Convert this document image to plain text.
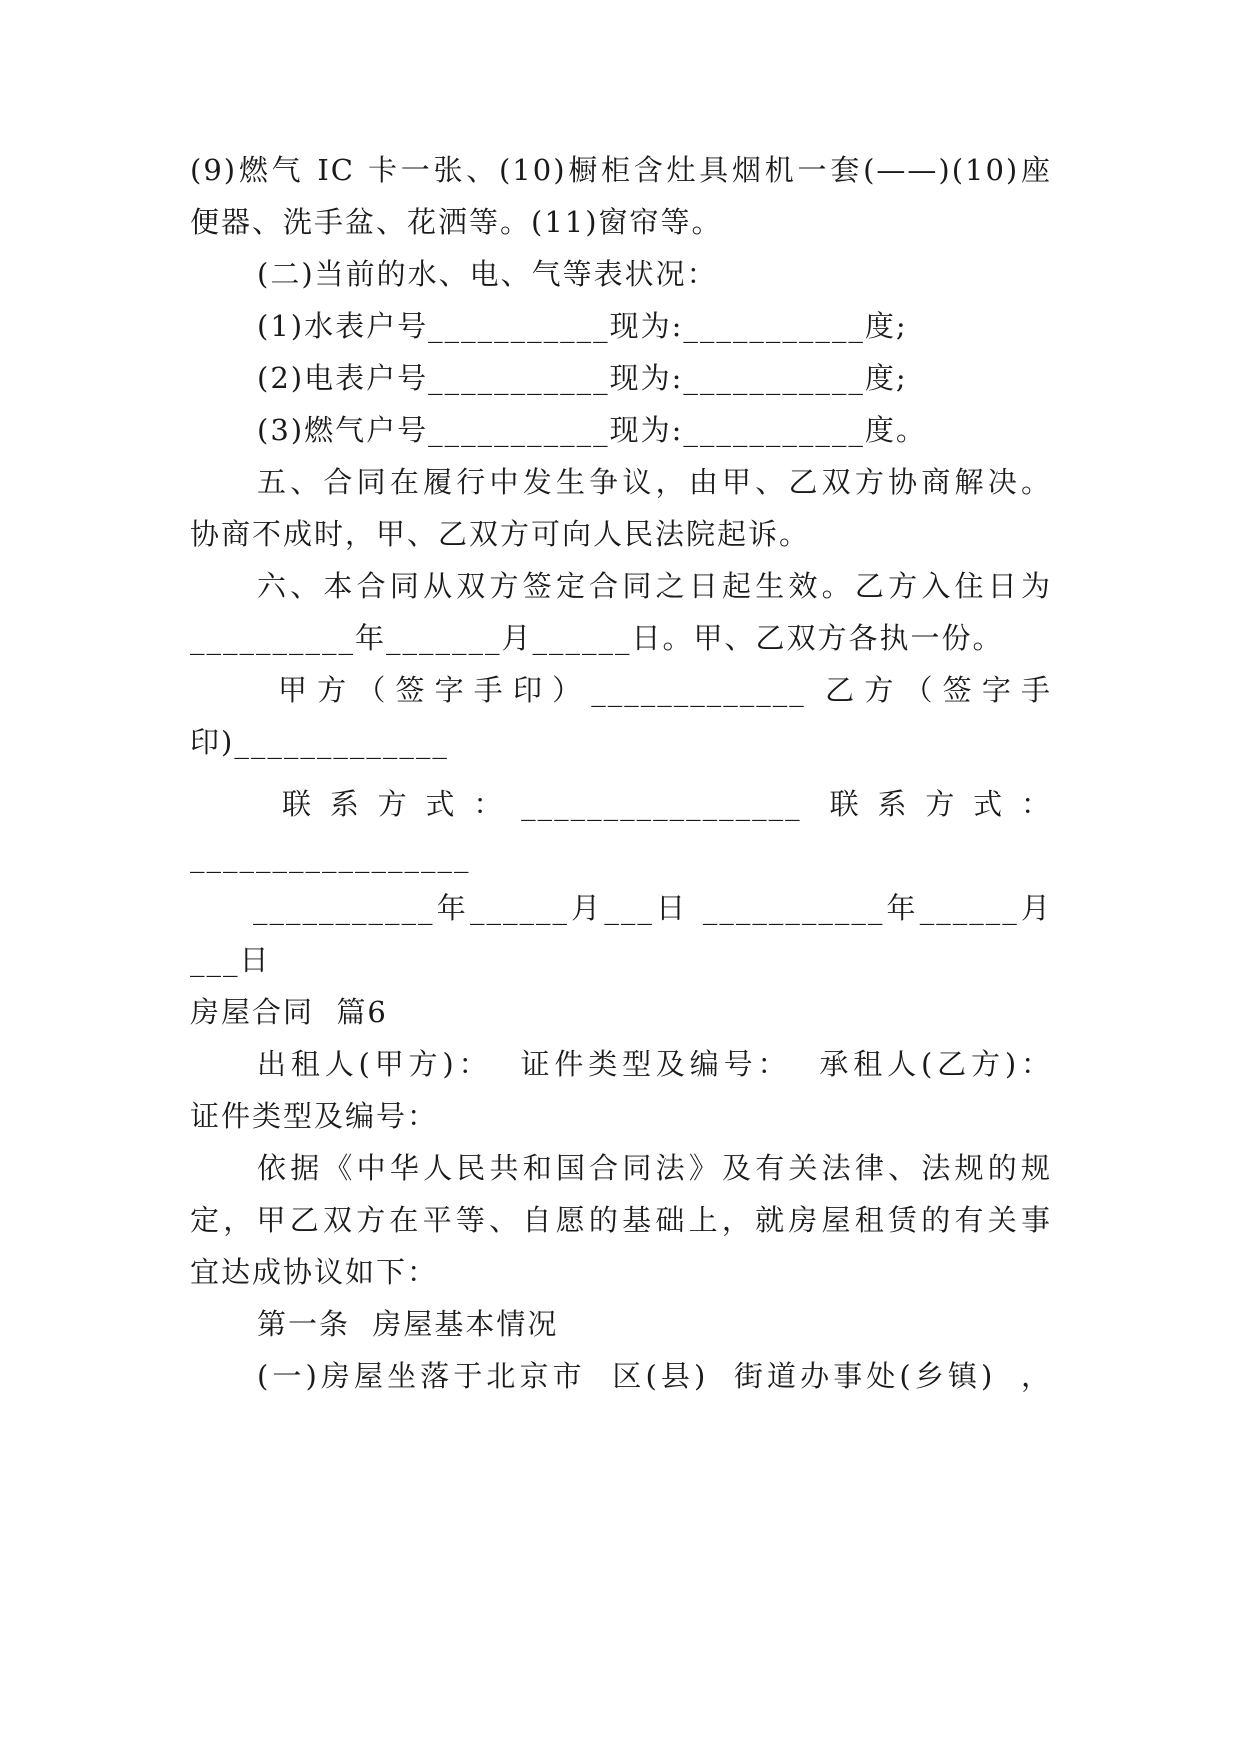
(9)燃气 IC 卡一张、(10)橱柜含灶具烟机一套(——)(10)座
便器、洗手盆、花洒等。(11)窗帘等。
(二)当前的水、电、气等表状况：
(1)水表户号___________现为:___________度;
(2)电表户号___________现为:___________度;
(3)燃气户号___________现为:___________度。
五、合同在履行中发生争议，由甲、乙双方协商解决。
协商不成时，甲、乙双方可向人民法院起诉。
六、本合同从双方签定合同之日起生效。乙方入住日为
__________年_______月______日。甲、乙双方各执一份。
甲方（签字手印）_____________ 乙方（签字手
印)_____________
联系方式：_________________ 联系方式：
_________________
___________年______月___日 ___________年______月
___日
房屋合同  篇6
出租人(甲方)：  证件类型及编号：  承租人(乙方)：
证件类型及编号：
依据《中华人民共和国合同法》及有关法律、法规的规
定，甲乙双方在平等、自愿的基础上，就房屋租赁的有关事
宜达成协议如下：
第一条  房屋基本情况
(一)房屋坐落于北京市  区(县)  街道办事处(乡镇)  ，
